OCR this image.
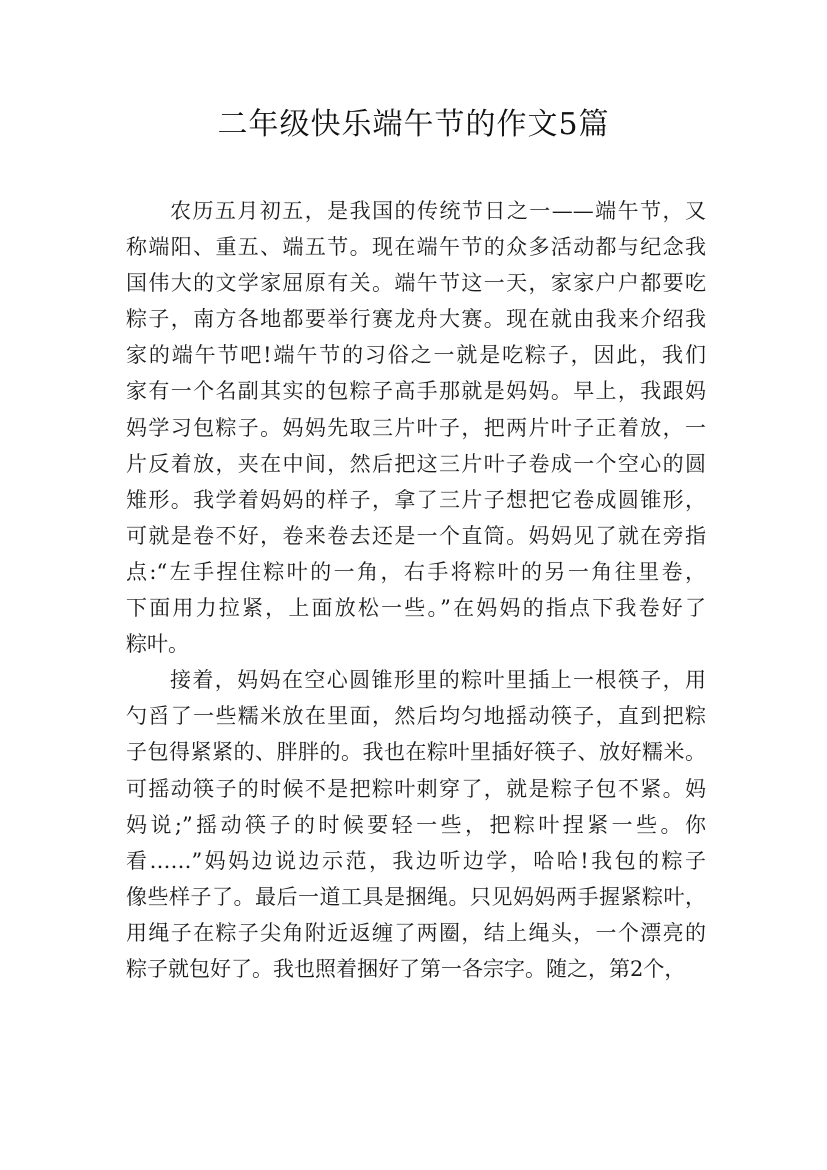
二年级快乐端午节的作文5篇
农历五月初五，是我国的传统节日之一——端午节，又
称端阳、重五、端五节。现在端午节的众多活动都与纪念我
国伟大的文学家屈原有关。端午节这一天，家家户户都要吃
粽子，南方各地都要举行赛龙舟大赛。现在就由我来介绍我
家的端午节吧!端午节的习俗之一就是吃粽子，因此，我们
家有一个名副其实的包粽子高手那就是妈妈。早上，我跟妈
妈学习包粽子。妈妈先取三片叶子，把两片叶子正着放，一
片反着放，夹在中间，然后把这三片叶子卷成一个空心的圆
雉形。我学着妈妈的样子，拿了三片子想把它卷成圆锥形，
可就是卷不好，卷来卷去还是一个直筒。妈妈见了就在旁指
点:“左手捏住粽叶的一角，右手将粽叶的另一角往里卷，
下面用力拉紧，上面放松一些。”在妈妈的指点下我卷好了
粽叶。
接着，妈妈在空心圆锥形里的粽叶里插上一根筷子，用
勺舀了一些糯米放在里面，然后均匀地摇动筷子，直到把粽
子包得紧紧的、胖胖的。我也在粽叶里插好筷子、放好糯米。
可摇动筷子的时候不是把粽叶刺穿了，就是粽子包不紧。妈
妈说;”摇动筷子的时候要轻一些，把粽叶捏紧一些。你
看……”妈妈边说边示范，我边听边学，哈哈!我包的粽子
像些样子了。最后一道工具是捆绳。只见妈妈两手握紧粽叶，
用绳子在粽子尖角附近返缠了两圈，结上绳头，一个漂亮的
粽子就包好了。我也照着捆好了第一各宗字。随之，第2个，
